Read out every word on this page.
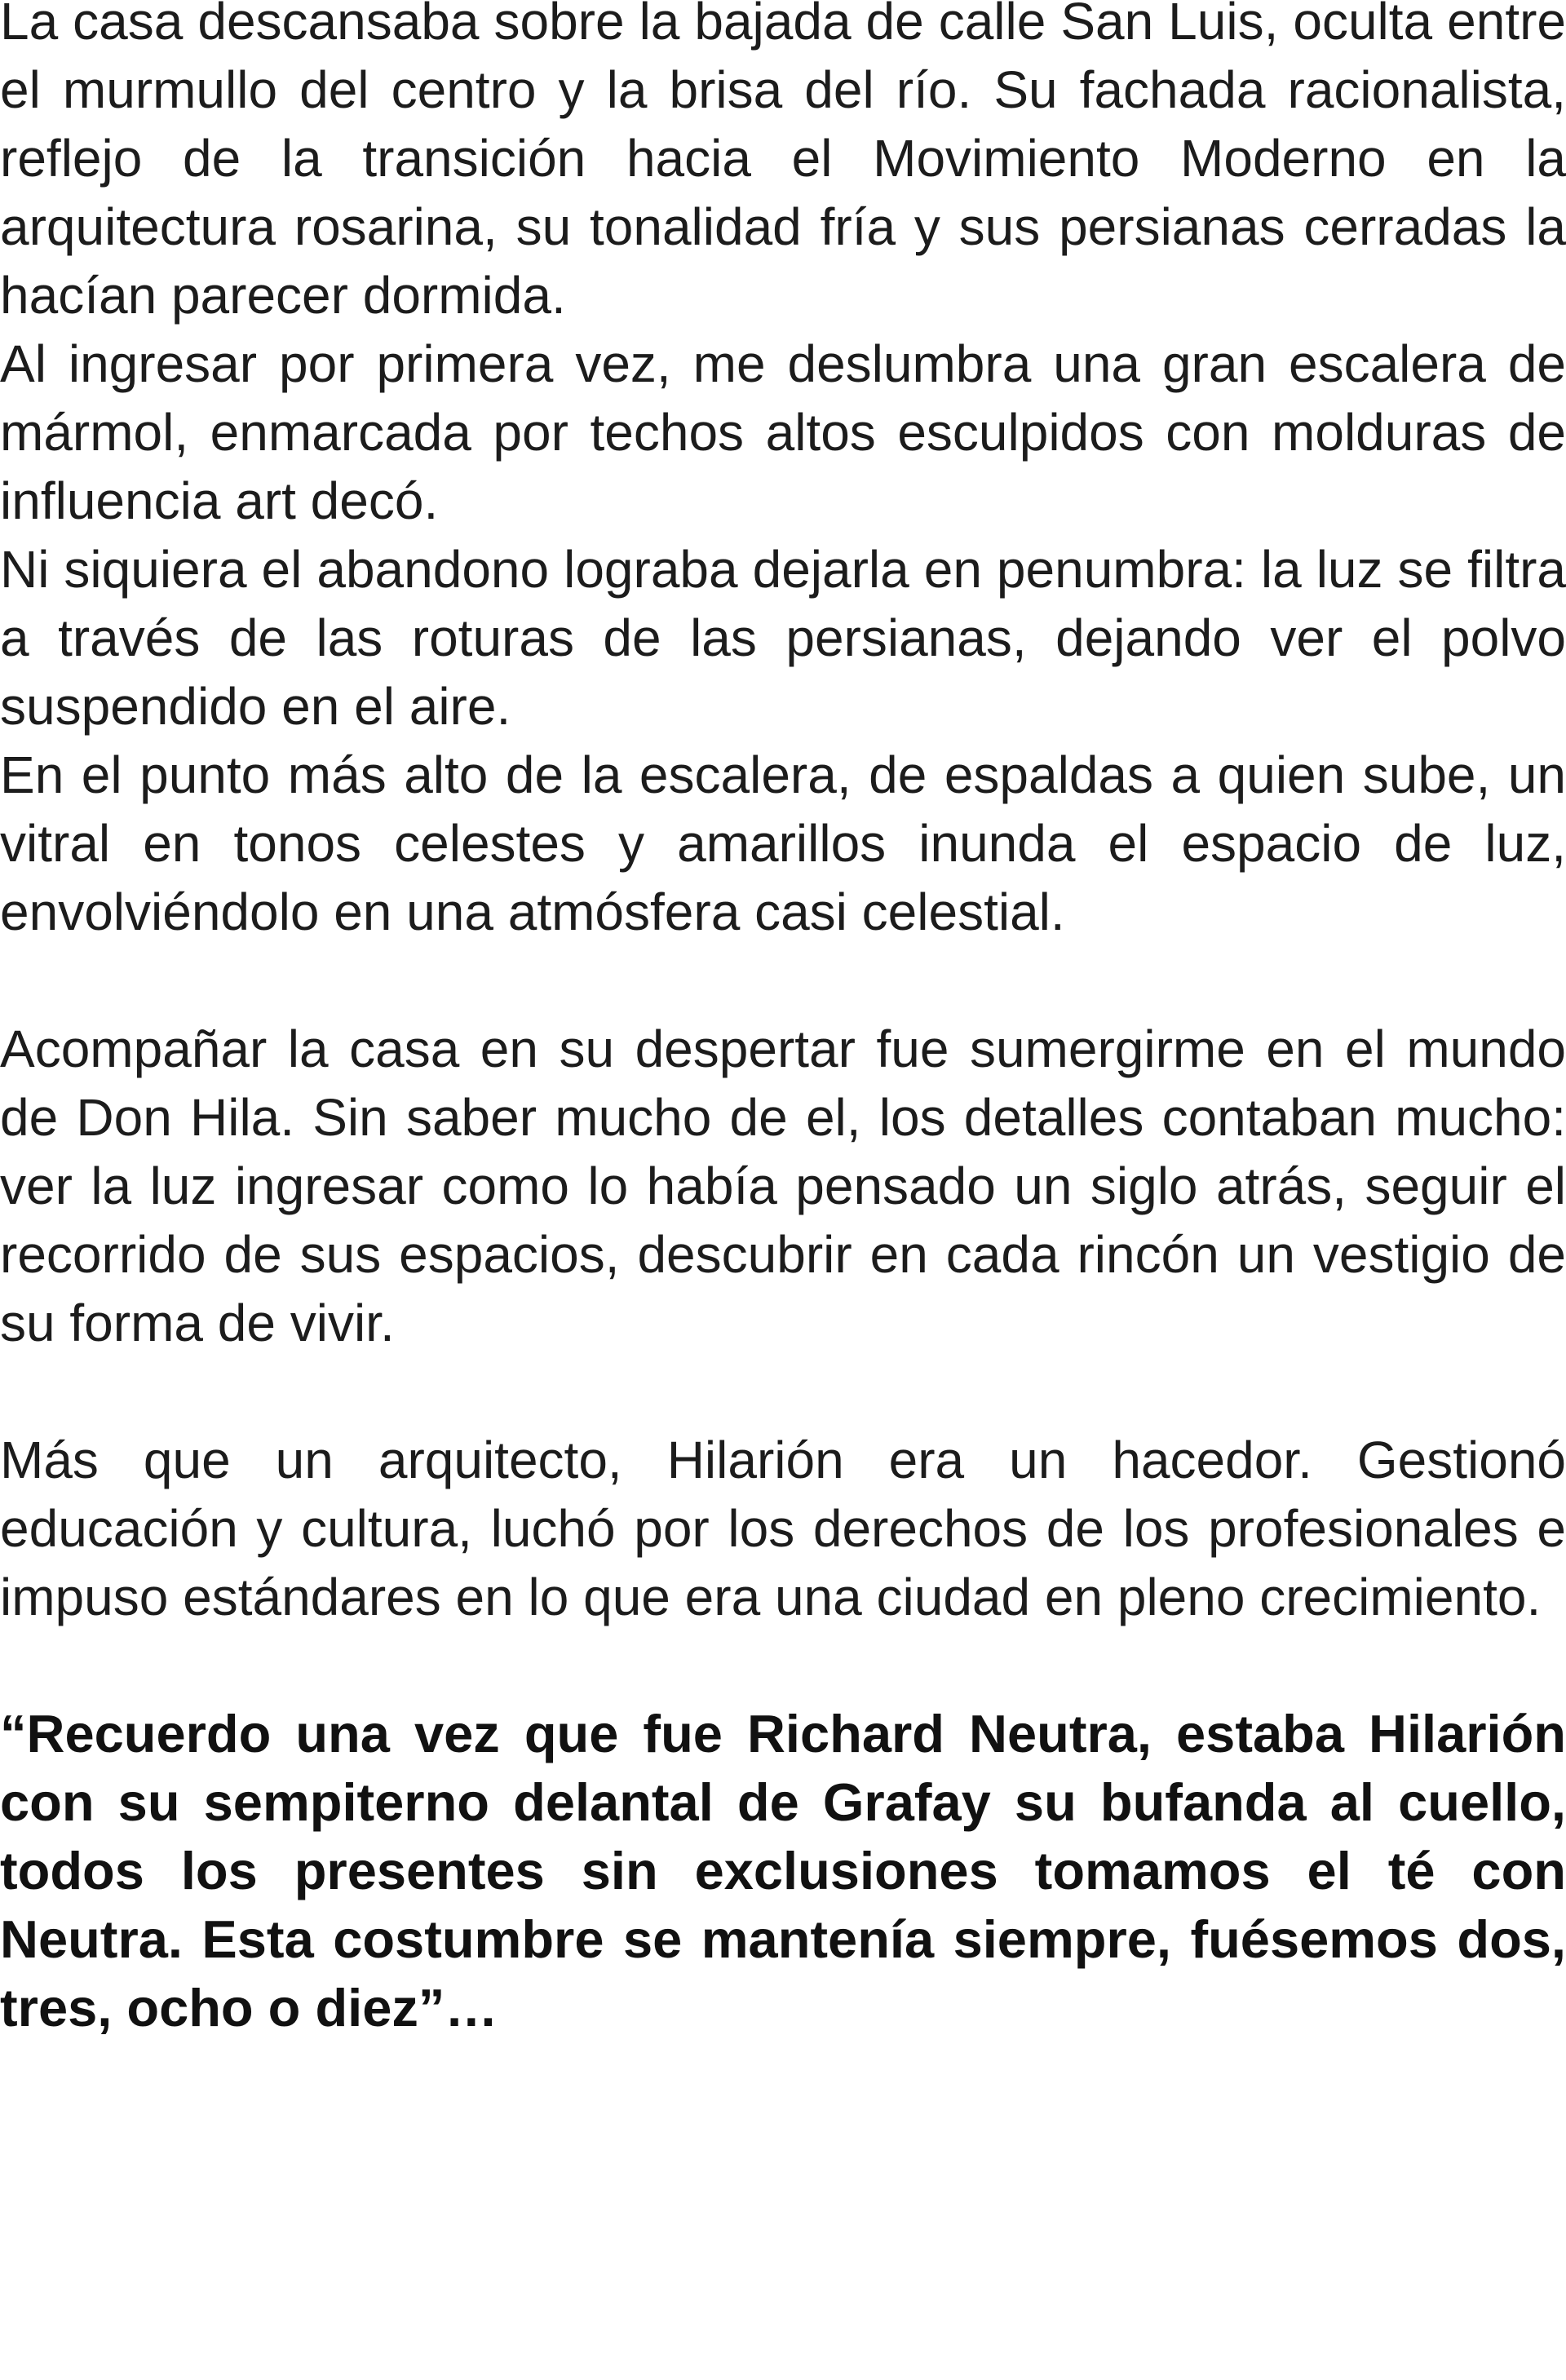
La casa descansaba sobre la bajada de calle San Luis, oculta entre el murmullo del centro y la brisa del río. Su fachada racionalista, reflejo de la transición hacia el Movimiento Moderno en la arquitectura rosarina, su tonalidad fría y sus persianas cerradas la hacían parecer dormida.

Al ingresar por primera vez, me deslumbra una gran escalera de mármol, enmarcada por techos altos esculpidos con molduras de influencia art decó.

Ni siquiera el abandono lograba dejarla en penumbra: la luz se filtra a través de las roturas de las persianas, dejando ver el polvo suspendido en el aire.

En el punto más alto de la escalera, de espaldas a quien sube, un vitral en tonos celestes y amarillos inunda el espacio de luz, envolviéndolo en una atmósfera casi celestial.

Acompañar la casa en su despertar fue sumergirme en el mundo de Don Hila. Sin saber mucho de el, los detalles contaban mucho: ver la luz ingresar como lo había pensado un siglo atrás, seguir el recorrido de sus espacios, descubrir en cada rincón un vestigio de su forma de vivir.

Más que un arquitecto, Hilarión era un hacedor. Gestionó educación y cultura, luchó por los derechos de los profesionales e impuso estándares en lo que era una ciudad en pleno crecimiento.

“Recuerdo una vez que fue Richard Neutra, estaba Hilarión con su sempiterno delantal de Grafay su bufanda al cuello, todos los presentes sin exclusiones tomamos el té con Neutra. Esta costumbre se mantenía siempre, fuésemos dos, tres, ocho o diez”…
